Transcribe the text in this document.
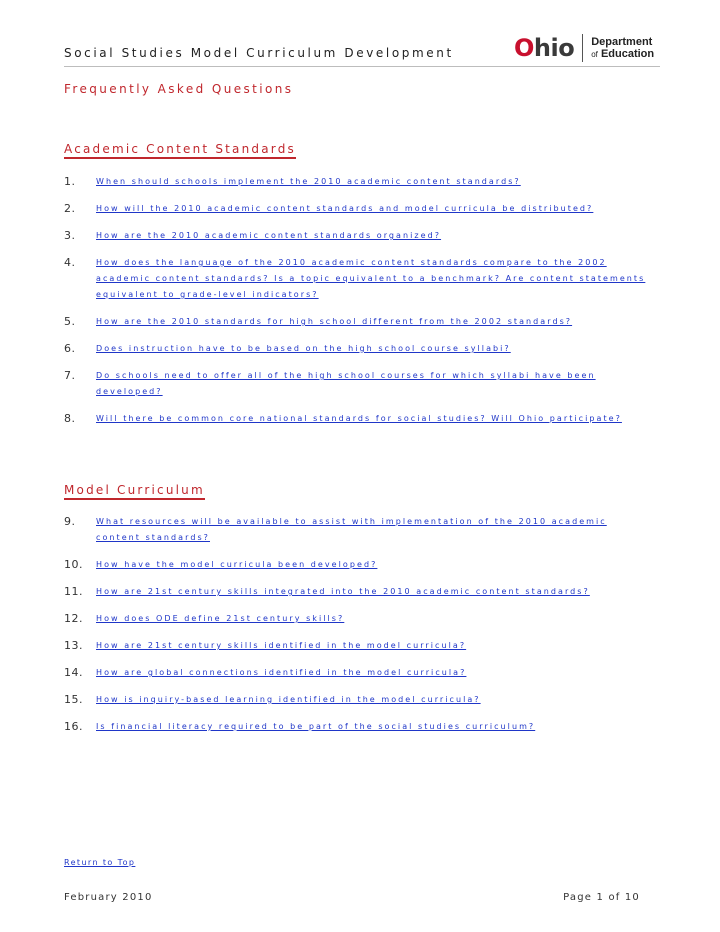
Social Studies Model Curriculum Development	Ohio Department
of Education
Frequently Asked Questions
Academic Content Standards
1.	When should schools implement the 2010 academic content standards?
2.	How will the 2010 academic content standards and model curricula be distributed?
3.	How are the 2010 academic content standards organized?
4.	How does the language of the 2010 academic content standards compare to the 2002 academic content standards? Is a topic equivalent to a benchmark? Are content statements equivalent to grade-level indicators?
5.	How are the 2010 standards for high school different from the 2002 standards?
6.	Does instruction have to be based on the high school course syllabi?
7.	Do schools need to offer all of the high school courses for which syllabi have been developed?
8.	Will there be common core national standards for social studies? Will Ohio participate?
Model Curriculum
9.	What resources will be available to assist with implementation of the 2010 academic content standards?
10. How have the model curricula been developed?
11. How are 21st century skills integrated into the 2010 academic content standards?
12. How does ODE define 21st century skills?
13. How are 21st century skills identified in the model curricula?
14. How are global connections identified in the model curricula?
15. How is inquiry-based learning identified in the model curricula?
16. Is financial literacy required to be part of the social studies curriculum?
Return to Top
February 2010	Page 1 of 10
